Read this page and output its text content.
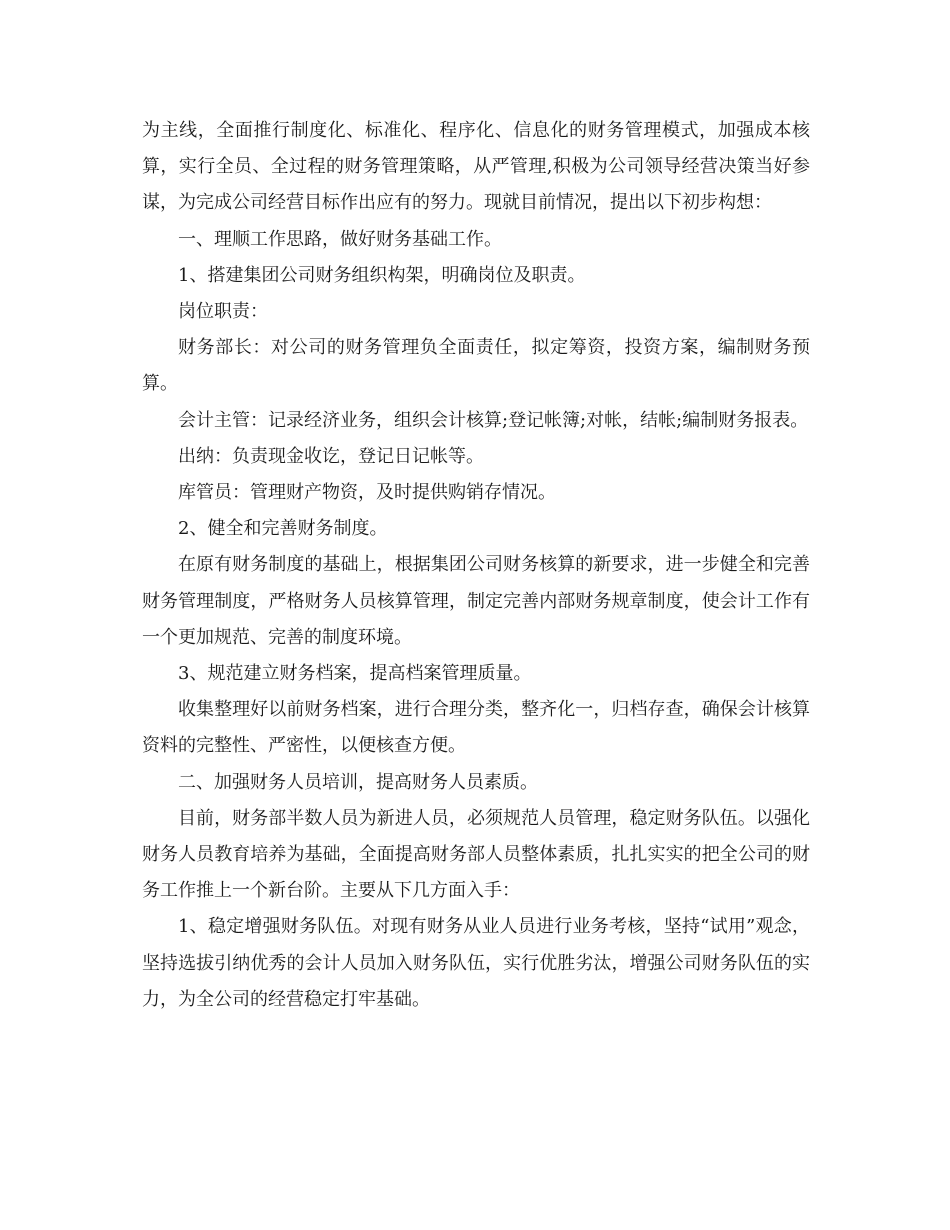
为主线，全面推行制度化、标准化、程序化、信息化的财务管理模式，加强成本核算，实行全员、全过程的财务管理策略，从严管理,积极为公司领导经营决策当好参谋，为完成公司经营目标作出应有的努力。现就目前情况，提出以下初步构想：

一、理顺工作思路，做好财务基础工作。

1、搭建集团公司财务组织构架，明确岗位及职责。

岗位职责：

财务部长：对公司的财务管理负全面责任，拟定筹资，投资方案，编制财务预算。

会计主管：记录经济业务，组织会计核算;登记帐簿;对帐，结帐;编制财务报表。

出纳：负责现金收讫，登记日记帐等。

库管员：管理财产物资，及时提供购销存情况。

2、健全和完善财务制度。

在原有财务制度的基础上，根据集团公司财务核算的新要求，进一步健全和完善财务管理制度，严格财务人员核算管理，制定完善内部财务规章制度，使会计工作有一个更加规范、完善的制度环境。

3、规范建立财务档案，提高档案管理质量。

收集整理好以前财务档案，进行合理分类，整齐化一，归档存查，确保会计核算资料的完整性、严密性，以便核查方便。

二、加强财务人员培训，提高财务人员素质。

目前，财务部半数人员为新进人员，必须规范人员管理，稳定财务队伍。以强化财务人员教育培养为基础，全面提高财务部人员整体素质，扎扎实实的把全公司的财务工作推上一个新台阶。主要从下几方面入手：

1、稳定增强财务队伍。对现有财务从业人员进行业务考核，坚持“试用”观念，坚持选拔引纳优秀的会计人员加入财务队伍，实行优胜劣汰，增强公司财务队伍的实力，为全公司的经营稳定打牢基础。
